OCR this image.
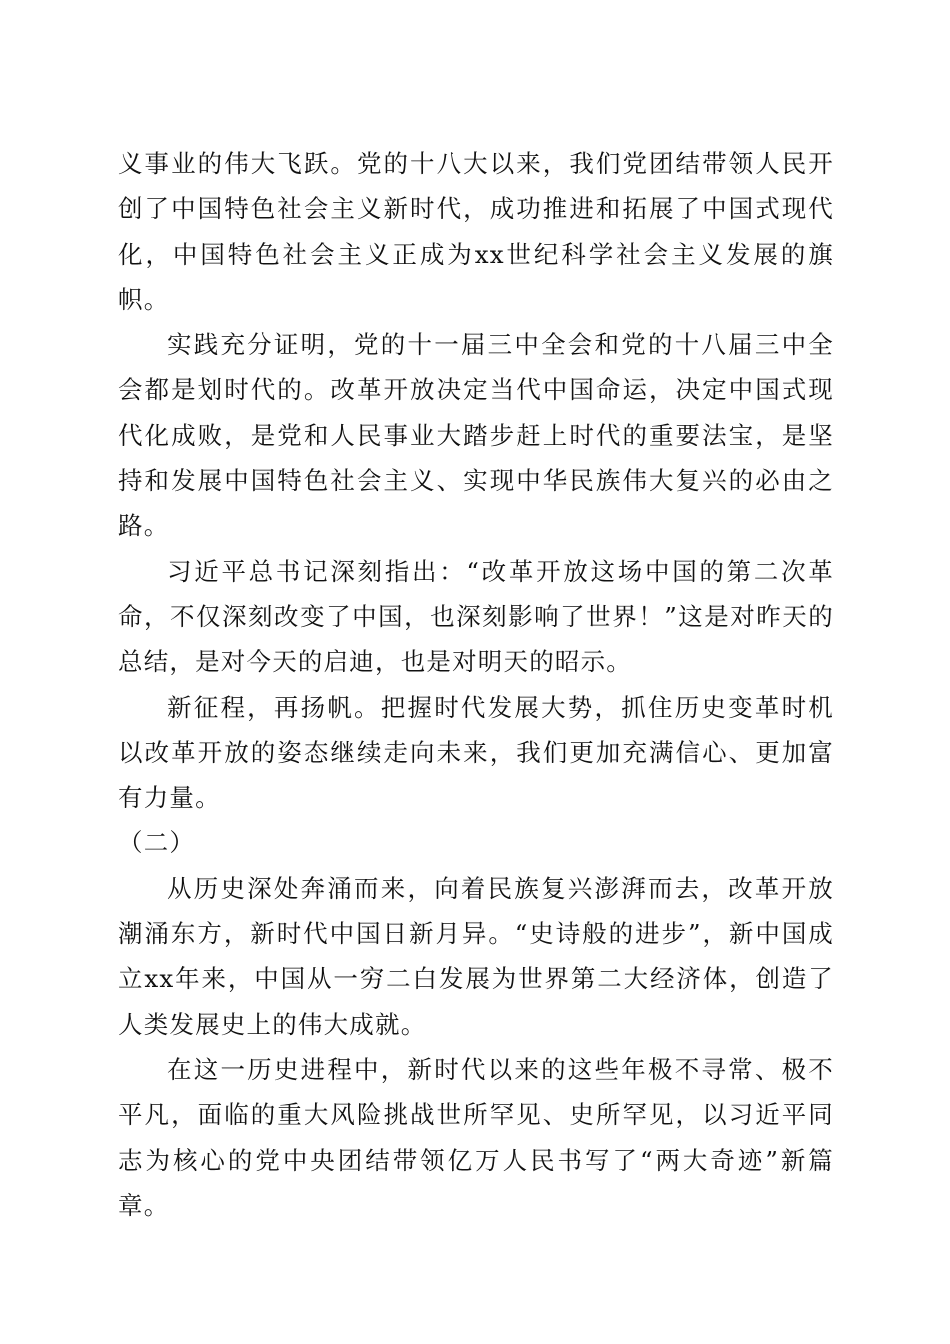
义事业的伟大飞跃。党的十八大以来，我们党团结带领人民开创了中国特色社会主义新时代，成功推进和拓展了中国式现代化，中国特色社会主义正成为xx世纪科学社会主义发展的旗帜。

实践充分证明，党的十一届三中全会和党的十八届三中全会都是划时代的。改革开放决定当代中国命运，决定中国式现代化成败，是党和人民事业大踏步赶上时代的重要法宝，是坚持和发展中国特色社会主义、实现中华民族伟大复兴的必由之路。

习近平总书记深刻指出：“改革开放这场中国的第二次革命，不仅深刻改变了中国，也深刻影响了世界！”这是对昨天的总结，是对今天的启迪，也是对明天的昭示。

新征程，再扬帆。把握时代发展大势，抓住历史变革时机以改革开放的姿态继续走向未来，我们更加充满信心、更加富有力量。

（二）

从历史深处奔涌而来，向着民族复兴澎湃而去，改革开放潮涌东方，新时代中国日新月异。“史诗般的进步”，新中国成立xx年来，中国从一穷二白发展为世界第二大经济体，创造了人类发展史上的伟大成就。

在这一历史进程中，新时代以来的这些年极不寻常、极不平凡，面临的重大风险挑战世所罕见、史所罕见，以习近平同志为核心的党中央团结带领亿万人民书写了“两大奇迹”新篇章。
